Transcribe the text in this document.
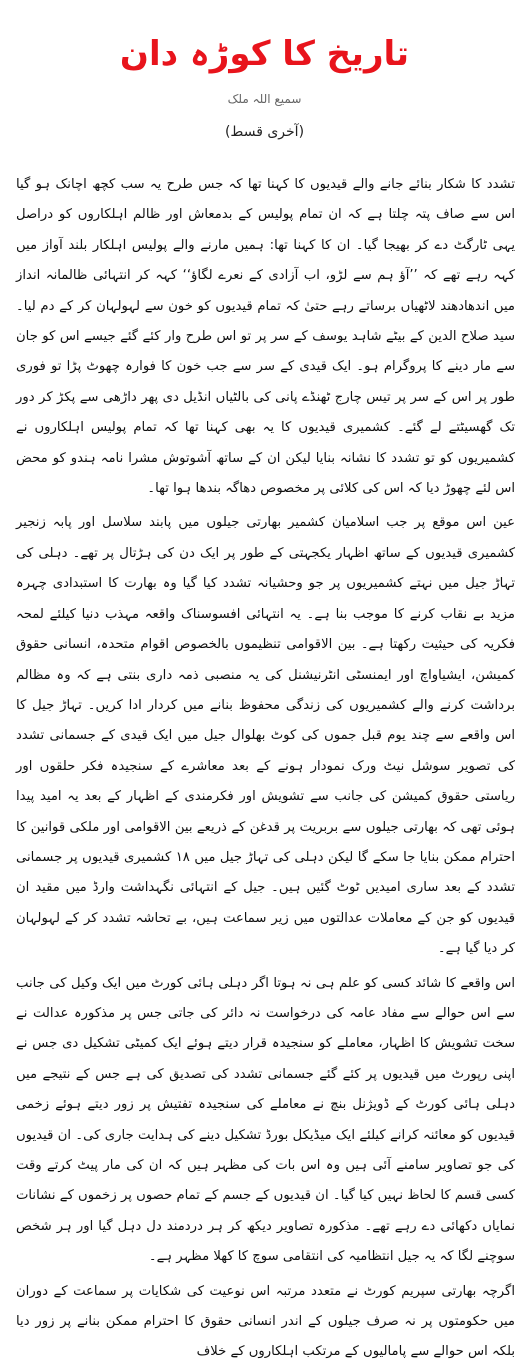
تاریخ کا کوڑہ دان
سمیع اللہ ملک
(آخری قسط)

تشدد کا شکار بنائے جانے والے قیدیوں کا کہنا تھا کہ جس طرح یہ سب کچھ اچانک ہو گیا اس سے صاف پتہ چلتا ہے کہ ان تمام پولیس کے بدمعاش اور ظالم اہلکاروں کو دراصل یہی ٹارگٹ دے کر بھیجا گیا۔ ان کا کہنا تھا: ہمیں مارنے والے پولیس اہلکار بلند آواز میں کہہ رہے تھے کہ ’’آؤ ہم سے لڑو، اب آزادی کے نعرے لگاؤ‘‘ کہہ کر انتہائی ظالمانہ انداز میں اندھادھند لاٹھیاں برساتے رہے حتیٰ کہ تمام قیدیوں کو خون سے لہولہان کر کے دم لیا۔ سید صلاح الدین کے بیٹے شاہد یوسف کے سر پر تو اس طرح وار کئے گئے جیسے اس کو جان سے مار دینے کا پروگرام ہو۔ ایک قیدی کے سر سے جب خون کا فوارہ چھوٹ پڑا تو فوری طور پر اس کے سر پر تیس چارج ٹھنڈے پانی کی بالٹیاں انڈیل دی پھر داڑھی سے پکڑ کر دور تک گھسیٹتے لے گئے۔ کشمیری قیدیوں کا یہ بھی کہنا تھا کہ تمام پولیس اہلکاروں نے کشمیریوں کو تو تشدد کا نشانہ بنایا لیکن ان کے ساتھ آشوتوش مشرا نامہ ہندو کو محض اس لئے چھوڑ دیا کہ اس کی کلائی پر مخصوص دھاگہ بندھا ہوا تھا۔

عین اس موقع پر جب اسلامیان کشمیر بھارتی جیلوں میں پابند سلاسل اور پابہ زنجیر کشمیری قیدیوں کے ساتھ اظہار یکجہتی کے طور پر ایک دن کی ہڑتال پر تھے۔ دہلی کی تہاڑ جیل میں نہتے کشمیریوں پر جو وحشیانہ تشدد کیا گیا وہ بھارت کا استبدادی چہرہ مزید بے نقاب کرنے کا موجب بنا ہے۔ یہ انتہائی افسوسناک واقعہ مہذب دنیا کیلئے لمحہ فکریہ کی حیثیت رکھتا ہے۔ بین الاقوامی تنظیموں بالخصوص اقوام متحدہ، انسانی حقوق کمیشن، ایشیاواچ اور ایمنسٹی انٹرنیشنل کی یہ منصبی ذمہ داری بنتی ہے کہ وہ مظالم برداشت کرنے والے کشمیریوں کی زندگی محفوظ بنانے میں کردار ادا کریں۔ تہاڑ جیل کا اس واقعے سے چند یوم قبل جموں کی کوٹ بھلوال جیل میں ایک قیدی کے جسمانی تشدد کی تصویر سوشل نیٹ ورک نمودار ہونے کے بعد معاشرے کے سنجیدہ فکر حلقوں اور ریاستی حقوق کمیشن کی جانب سے تشویش اور فکرمندی کے اظہار کے بعد یہ امید پیدا ہوئی تھی کہ بھارتی جیلوں سے بربریت پر قدغن کے ذریعے بین الاقوامی اور ملکی قوانین کا احترام ممکن بنایا جا سکے گا لیکن دہلی کی تہاڑ جیل میں ۱۸ کشمیری قیدیوں پر جسمانی تشدد کے بعد ساری امیدیں ٹوٹ گئیں ہیں۔ جیل کے انتہائی نگہداشت وارڈ میں مقید ان قیدیوں کو جن کے معاملات عدالتوں میں زیر سماعت ہیں، بے تحاشہ تشدد کر کے لہولہان کر دیا گیا ہے۔

اس واقعے کا شائد کسی کو علم ہی نہ ہوتا اگر دہلی ہائی کورٹ میں ایک وکیل کی جانب سے اس حوالے سے مفاد عامہ کی درخواست نہ دائر کی جاتی جس پر مذکورہ عدالت نے سخت تشویش کا اظہار، معاملے کو سنجیدہ قرار دیتے ہوئے ایک کمیٹی تشکیل دی جس نے اپنی رپورٹ میں قیدیوں پر کئے گئے جسمانی تشدد کی تصدیق کی ہے جس کے نتیجے میں دہلی ہائی کورٹ کے ڈویژنل بنچ نے معاملے کی سنجیدہ تفتیش پر زور دیتے ہوئے زخمی قیدیوں کو معائنہ کرانے کیلئے ایک میڈیکل بورڈ تشکیل دینے کی ہدایت جاری کی۔ ان قیدیوں کی جو تصاویر سامنے آئی ہیں وہ اس بات کی مظہر ہیں کہ ان کی مار پیٹ کرتے وقت کسی قسم کا لحاظ نہیں کیا گیا۔ ان قیدیوں کے جسم کے تمام حصوں پر زخموں کے نشانات نمایاں دکھائی دے رہے تھے۔ مذکورہ تصاویر دیکھ کر ہر دردمند دل دہل گیا اور ہر شخص سوچنے لگا کہ یہ جیل انتظامیہ کی انتقامی سوچ کا کھلا مظہر ہے۔

اگرچہ بھارتی سپریم کورٹ نے متعدد مرتبہ اس نوعیت کی شکایات پر سماعت کے دوران میں حکومتوں پر نہ صرف جیلوں کے اندر انسانی حقوق کا احترام ممکن بنانے پر زور دیا بلکہ اس حوالے سے پامالیوں کے مرتکب اہلکاروں کے خلاف
